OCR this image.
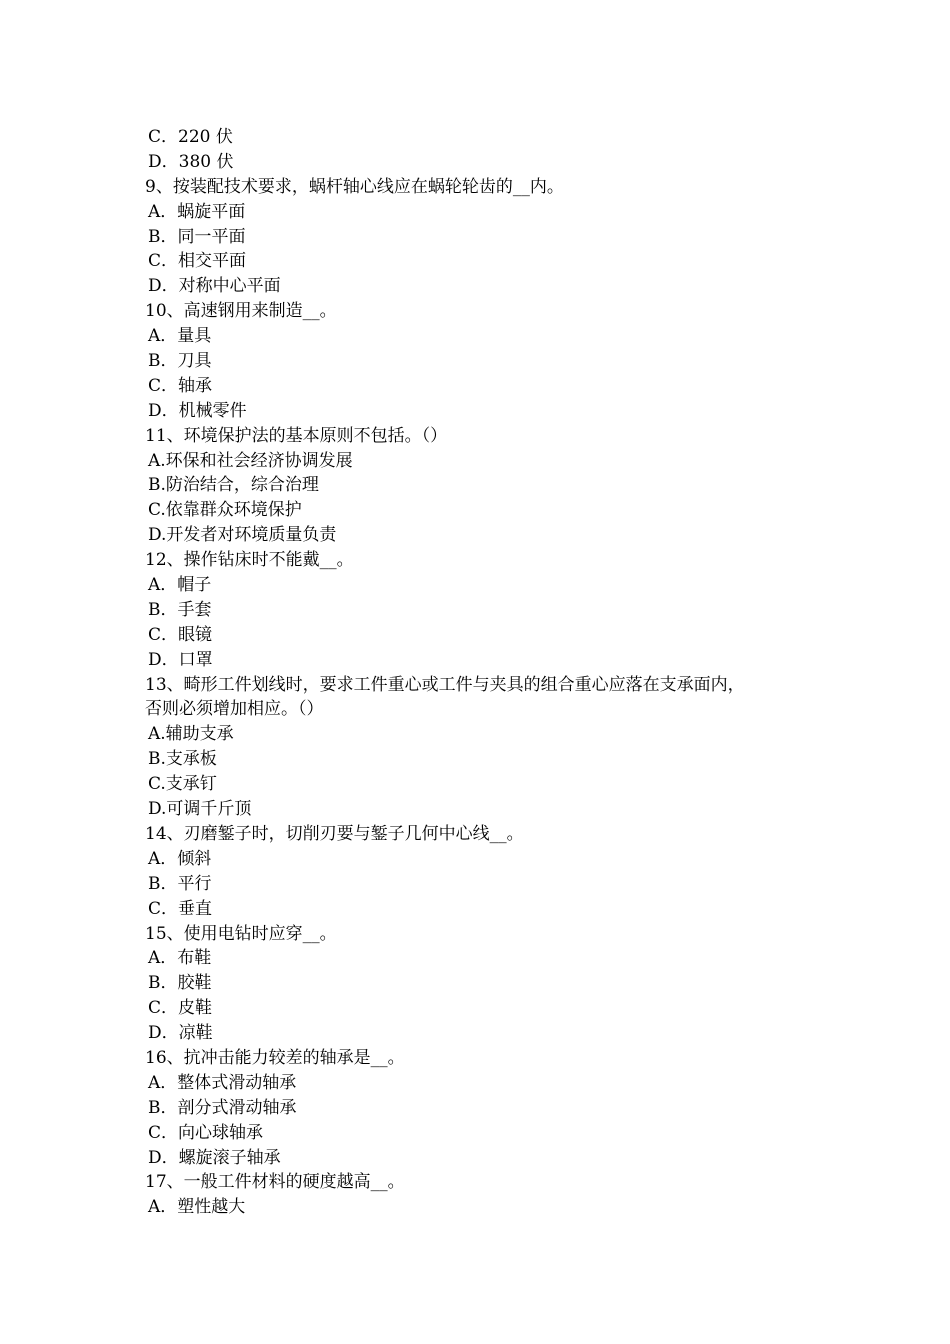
C．220 伏
D．380 伏
9、按装配技术要求，蜗杆轴心线应在蜗轮轮齿的__内。
A．蜗旋平面
B．同一平面
C．相交平面
D．对称中心平面
10、高速钢用来制造__。
A．量具
B．刀具
C．轴承
D．机械零件
11、环境保护法的基本原则不包括。（）
A.环保和社会经济协调发展
B.防治结合，综合治理
C.依靠群众环境保护
D.开发者对环境质量负责
12、操作钻床时不能戴__。
A．帽子
B．手套
C．眼镜
D．口罩
13、畸形工件划线时，要求工件重心或工件与夹具的组合重心应落在支承面内，
否则必须增加相应。（）
A.辅助支承
B.支承板
C.支承钉
D.可调千斤顶
14、刃磨錾子时，切削刃要与錾子几何中心线__。
A．倾斜
B．平行
C．垂直
15、使用电钻时应穿__。
A．布鞋
B．胶鞋
C．皮鞋
D．凉鞋
16、抗冲击能力较差的轴承是__。
A．整体式滑动轴承
B．剖分式滑动轴承
C．向心球轴承
D．螺旋滚子轴承
17、一般工件材料的硬度越高__。
A．塑性越大
